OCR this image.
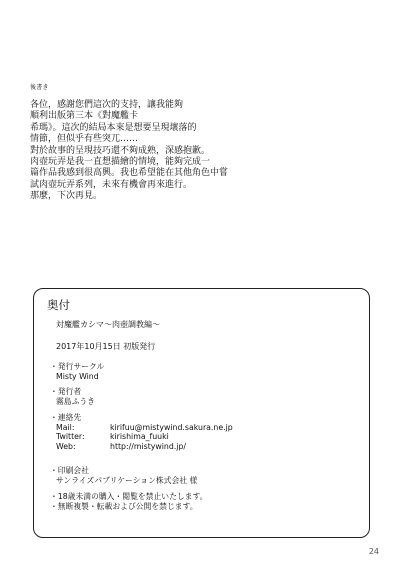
後書き
各位，感謝您們這次的支持，讓我能夠
順利出版第三本《對魔艦卡
希瑪》。這次的結局本來是想要呈現壞落的
情節，但似乎有些突兀……
對於故事的呈現技巧還不夠成熟，深感抱歉。
肉壺玩弄是我一直想描繪的情境，能夠完成一
篇作品我感到很高興。我也希望能在其他角色中嘗
試肉壺玩弄系列，未來有機會再來進行。
那麼，下次再見。
奥付
対魔艦カシマ〜肉壺調教編〜
2017年10月15日 初版発行
・発行サークル
Misty Wind
・発行者
霧島ふうき
・連絡先
Mail:	kirifuu@mistywind.sakura.ne.jp
Twitter:	kirishima_fuuki
Web:	http://mistywind.jp/
・印刷会社
サンライズパブリケーション株式会社 様
・18歳未満の購入・閲覧を禁止いたします。
・無断複製・転載および公開を禁じます。
24
